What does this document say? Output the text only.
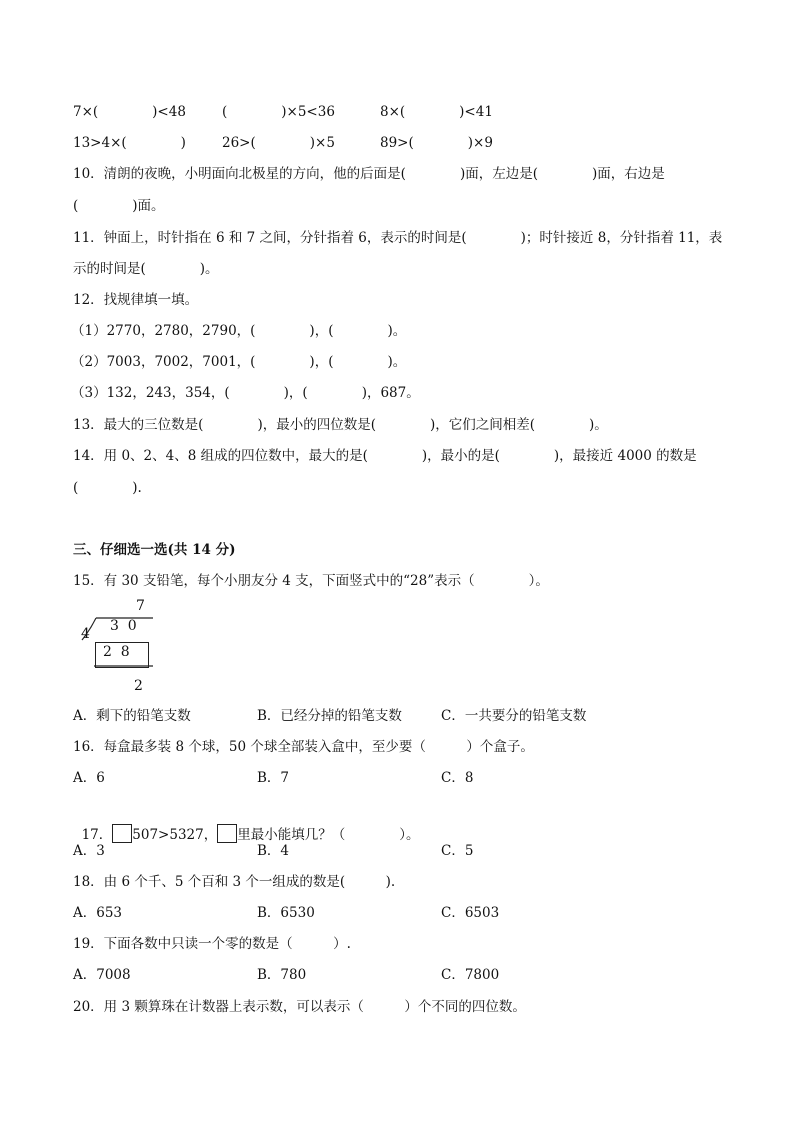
7×(　　　　)<48	(　　　　)×5<36	8×(　　　　)<41
13>4×(　　　　)	26>(　　　　)×5	89>(　　　　)×9
10．清朗的夜晚，小明面向北极星的方向，他的后面是(　　　　)面，左边是(　　　　)面，右边是
(　　　　)面。
11．钟面上，时针指在 6 和 7 之间，分针指着 6，表示的时间是(　　　　)；时针接近 8，分针指着 11，表
示的时间是(　　　　)。
12．找规律填一填。
（1）2770，2780，2790，(　　　　)，(　　　　)。
（2）7003，7002，7001，(　　　　)，(　　　　)。
（3）132，243，354，(　　　　)，(　　　　)，687。
13．最大的三位数是(　　　　)，最小的四位数是(　　　　)，它们之间相差(　　　　)。
14．用 0、2、4、8 组成的四位数中，最大的是(　　　　)，最小的是(　　　　)，最接近 4000 的数是
(　　　　).
三、仔细选一选(共 14 分)
15．有 30 支铅笔，每个小朋友分 4 支，下面竖式中的“28”表示（　　　　）。
7
4 3  0
2  8
2
A．剩下的铅笔支数	B．已经分掉的铅笔支数	C．一共要分的铅笔支数
16．每盒最多装 8 个球，50 个球全部装入盒中，至少要（　　　）个盒子。
A．6	B．7	C．8

17． 507>5327， 里最小能填几？（　　　　）。

A．3	B．4	C．5
18．由 6 个千、5 个百和 3 个一组成的数是(　　　).
A．653	B．6530	C．6503
19．下面各数中只读一个零的数是（　　　）.
A．7008	B．780	C．7800
20．用 3 颗算珠在计数器上表示数，可以表示（　　　）个不同的四位数。
